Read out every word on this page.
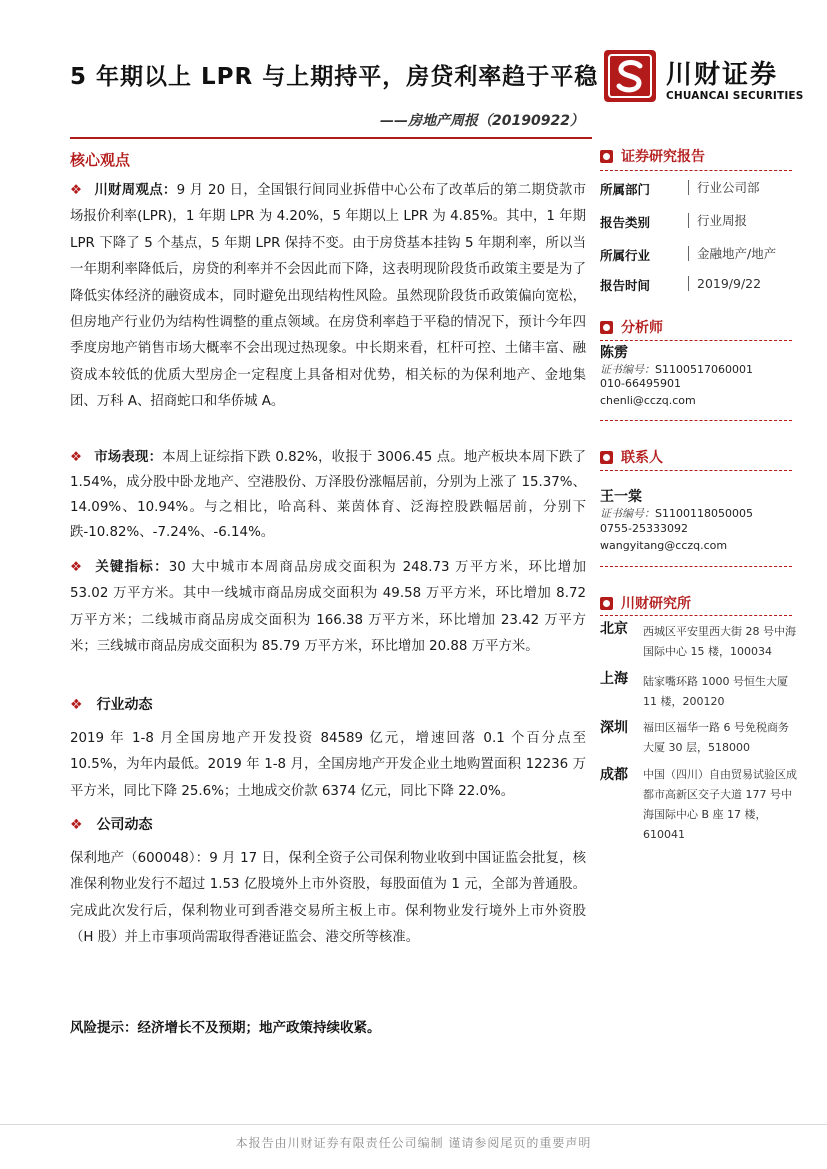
5 年期以上 LPR 与上期持平，房贷利率趋于平稳
——房地产周报（20190922）
川财证券
CHUANCAI SECURITIES
核心观点
❖ 川财周观点：9 月 20 日，全国银行间同业拆借中心公布了改革后的第二期贷款市场报价利率(LPR)，1 年期 LPR 为 4.20%，5 年期以上 LPR 为 4.85%。其中，1 年期 LPR 下降了 5 个基点，5 年期 LPR 保持不变。由于房贷基本挂钩 5 年期利率，所以当一年期利率降低后，房贷的利率并不会因此而下降，这表明现阶段货币政策主要是为了降低实体经济的融资成本，同时避免出现结构性风险。虽然现阶段货币政策偏向宽松，但房地产行业仍为结构性调整的重点领域。在房贷利率趋于平稳的情况下，预计今年四季度房地产销售市场大概率不会出现过热现象。中长期来看，杠杆可控、土储丰富、融资成本较低的优质大型房企一定程度上具备相对优势，相关标的为保利地产、金地集团、万科 A、招商蛇口和华侨城 A。
❖ 市场表现：本周上证综指下跌 0.82%，收报于 3006.45 点。地产板块本周下跌了 1.54%，成分股中卧龙地产、空港股份、万泽股份涨幅居前，分别为上涨了 15.37%、14.09%、10.94%。与之相比，哈高科、莱茵体育、泛海控股跌幅居前，分别下跌-10.82%、-7.24%、-6.14%。
❖ 关键指标：30 大中城市本周商品房成交面积为 248.73 万平方米，环比增加 53.02 万平方米。其中一线城市商品房成交面积为 49.58 万平方米，环比增加 8.72 万平方米；二线城市商品房成交面积为 166.38 万平方米，环比增加 23.42 万平方米；三线城市商品房成交面积为 85.79 万平方米，环比增加 20.88 万平方米。
❖ 行业动态
2019 年 1-8 月全国房地产开发投资 84589 亿元，增速回落 0.1 个百分点至 10.5%，为年内最低。2019 年 1-8 月，全国房地产开发企业土地购置面积 12236 万平方米，同比下降 25.6%；土地成交价款 6374 亿元，同比下降 22.0%。
❖ 公司动态
保利地产（600048）：9 月 17 日，保利全资子公司保利物业收到中国证监会批复，核准保利物业发行不超过 1.53 亿股境外上市外资股，每股面值为 1 元，全部为普通股。完成此次发行后，保利物业可到香港交易所主板上市。保利物业发行境外上市外资股（H 股）并上市事项尚需取得香港证监会、港交所等核准。
风险提示：经济增长不及预期；地产政策持续收紧。
证券研究报告
所属部门	行业公司部
报告类别	行业周报
所属行业	金融地产/地产
报告时间	2019/9/22
分析师
陈雳
证书编号：S1100517060001
010-66495901
chenli@cczq.com
联系人
王一棠
证书编号：S1100118050005
0755-25333092
wangyitang@cczq.com
川财研究所
北京 西城区平安里西大街 28 号中海国际中心 15 楼，100034
上海 陆家嘴环路 1000 号恒生大厦 11 楼，200120
深圳 福田区福华一路 6 号免税商务大厦 30 层，518000
成都 中国（四川）自由贸易试验区成都市高新区交子大道 177 号中海国际中心 B 座 17 楼，610041
本报告由川财证券有限责任公司编制 谨请参阅尾页的重要声明
